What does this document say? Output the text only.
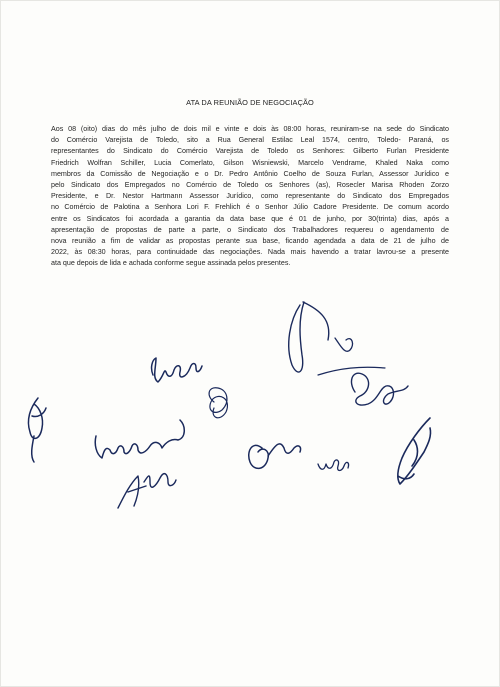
ATA DA REUNIÃO DE NEGOCIAÇÃO

Aos 08 (oito) dias do mês julho de dois mil e vinte e dois às 08:00 horas, reuniram-se na sede do Sindicato
do Comércio Varejista de Toledo, sito a Rua General Estilac Leal 1574, centro, Toledo- Paraná, os
representantes do Sindicato do Comércio Varejista de Toledo os Senhores: Gilberto Furlan Presidente
Friedrich Wolfran Schiller, Lucia Comerlato, Gilson Wisniewski, Marcelo Vendrame, Khaled Naka como
membros da Comissão de Negociação e o Dr. Pedro Antônio Coelho de Souza Furlan, Assessor Jurídico e
pelo Sindicato dos Empregados no Comércio de Toledo os Senhores (as), Rosecler Marisa Rhoden Zorzo
Presidente, e Dr. Nestor Hartmann Assessor Jurídico, como representante do Sindicato dos Empregados
no Comércio de Palotina a Senhora Lori F. Frehlich é o Senhor Júlio Cadore Presidente. De comum acordo
entre os Sindicatos foi acordada a garantia da data base que é 01 de junho, por 30(trinta) dias, após a
apresentação de propostas de parte a parte, o Sindicato dos Trabalhadores requereu o agendamento de
nova reunião a fim de validar as propostas perante sua base, ficando agendada a data de 21 de julho de
2022, às 08:30 horas, para continuidade das negociações. Nada mais havendo a tratar lavrou-se a presente
ata que depois de lida e achada conforme segue assinada pelos presentes.
